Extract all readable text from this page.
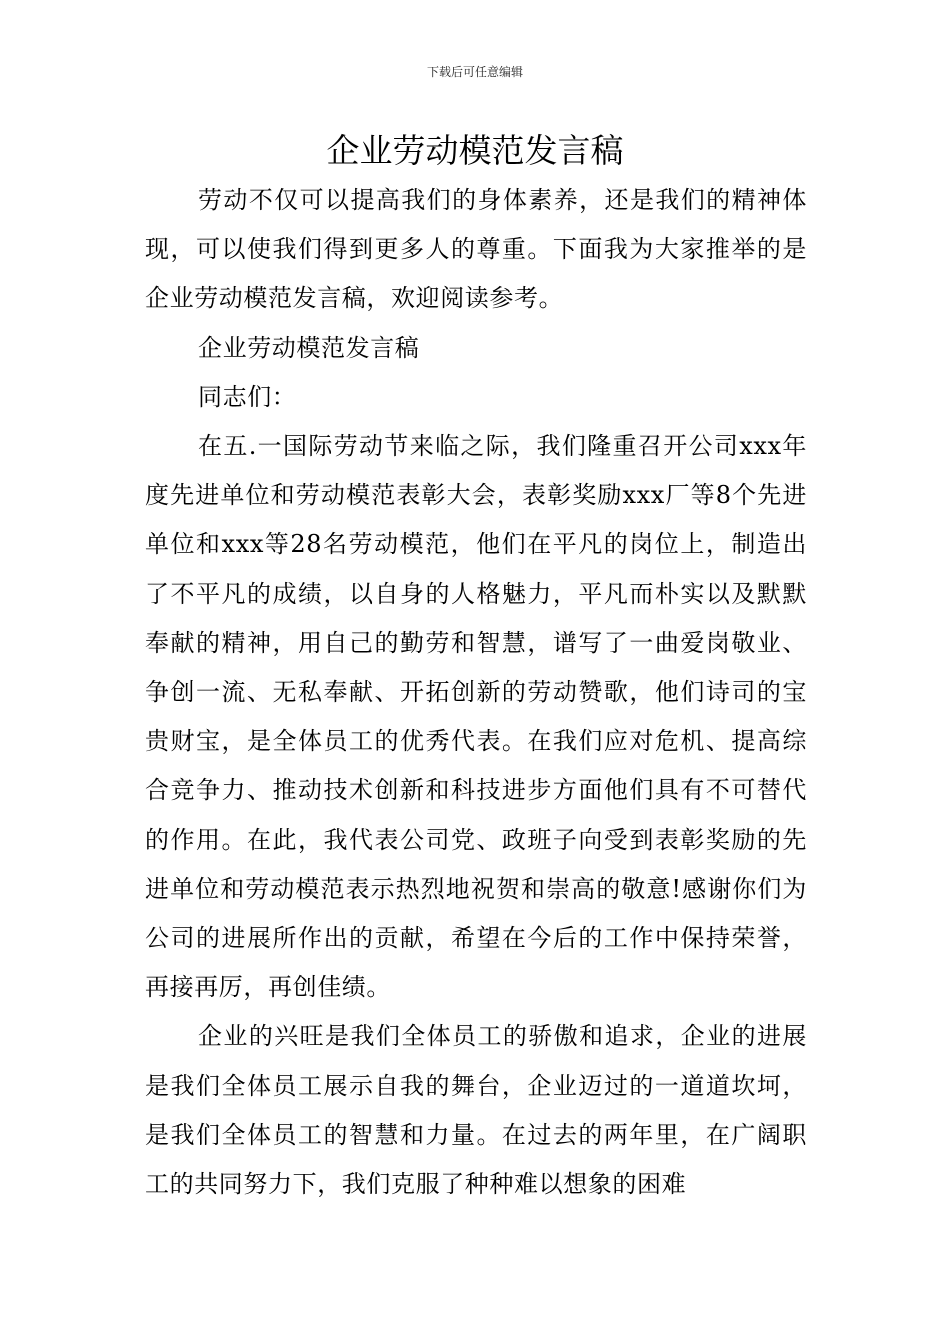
下载后可任意编辑
企业劳动模范发言稿

劳动不仅可以提高我们的身体素养，还是我们的精神体现，可以使我们得到更多人的尊重。下面我为大家推举的是企业劳动模范发言稿，欢迎阅读参考。

企业劳动模范发言稿

同志们：

在五.一国际劳动节来临之际，我们隆重召开公司xxx年度先进单位和劳动模范表彰大会，表彰奖励xxx厂等8个先进单位和xxx等28名劳动模范，他们在平凡的岗位上，制造出了不平凡的成绩，以自身的人格魅力，平凡而朴实以及默默奉献的精神，用自己的勤劳和智慧，谱写了一曲爱岗敬业、争创一流、无私奉献、开拓创新的劳动赞歌，他们诗司的宝贵财宝，是全体员工的优秀代表。在我们应对危机、提高综合竞争力、推动技术创新和科技进步方面他们具有不可替代的作用。在此，我代表公司党、政班子向受到表彰奖励的先进单位和劳动模范表示热烈地祝贺和崇高的敬意!感谢你们为公司的进展所作出的贡献，希望在今后的工作中保持荣誉，再接再厉，再创佳绩。

企业的兴旺是我们全体员工的骄傲和追求，企业的进展是我们全体员工展示自我的舞台，企业迈过的一道道坎坷，是我们全体员工的智慧和力量。在过去的两年里，在广阔职工的共同努力下，我们克服了种种难以想象的困难
